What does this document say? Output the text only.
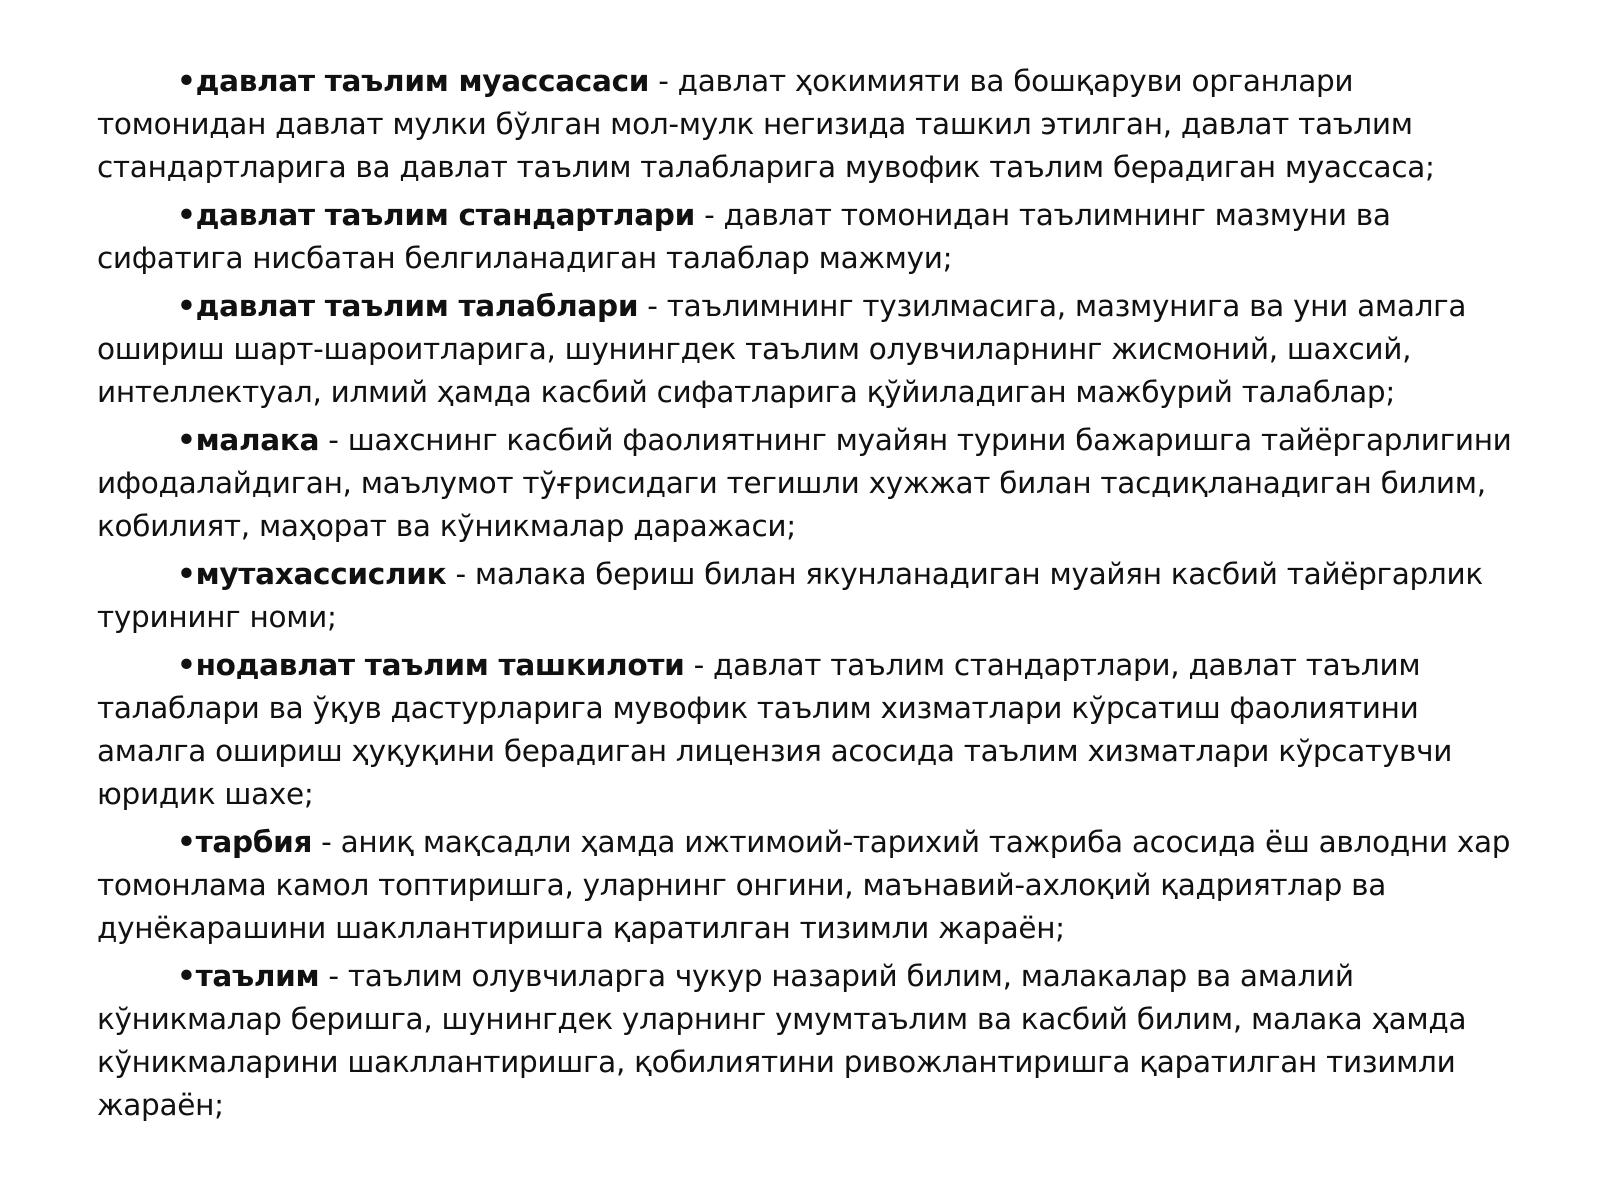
•давлат таълим муассасаси - давлат ҳокимияти ва бошқаруви органлари томонидан давлат мулки бўлган мол-мулк негизида ташкил этилган, давлат таълим стандартларига ва давлат таълим талабларига мувофик таълим берадиган муассаса;
•давлат таълим стандартлари - давлат томонидан таълимнинг мазмуни ва сифатига нисбатан белгиланадиган талаблар мажмуи;
•давлат таълим талаблари - таълимнинг тузилмасига, мазмунига ва уни амалга ошириш шарт-шароитларига, шунингдек таълим олувчиларнинг жисмоний, шахсий, интеллектуал, илмий ҳамда касбий сифатларига қўйиладиган мажбурий талаблар;
•малака - шахснинг касбий фаолиятнинг муайян турини бажаришга тайёргарлигини ифодалайдиган, маълумот тўғрисидаги тегишли хужжат билан тасдиқланадиган билим, кобилият, маҳорат ва кўникмалар даражаси;
•мутахассислик - малака бериш билан якунланадиган муайян касбий тайёргарлик турининг номи;
•нодавлат таълим ташкилоти - давлат таълим стандартлари, давлат таълим талаблари ва ўқув дастурларига мувофик таълим хизматлари кўрсатиш фаолиятини амалга ошириш ҳуқуқини берадиган лицензия асосида таълим хизматлари кўрсатувчи юридик шахе;
•тарбия - аниқ мақсадли ҳамда ижтимоий-тарихий тажриба асосида ёш авлодни хар томонлама камол топтиришга, уларнинг онгини, маънавий-ахлоқий қадриятлар ва дунёкарашини шакллантиришга қаратилган тизимли жараён;
•таълим - таълим олувчиларга чукур назарий билим, малакалар ва амалий кўникмалар беришга, шунингдек уларнинг умумтаълим ва касбий билим, малака ҳамда кўникмаларини шакллантиришга, қобилиятини ривожлантиришга қаратилган тизимли жараён;
